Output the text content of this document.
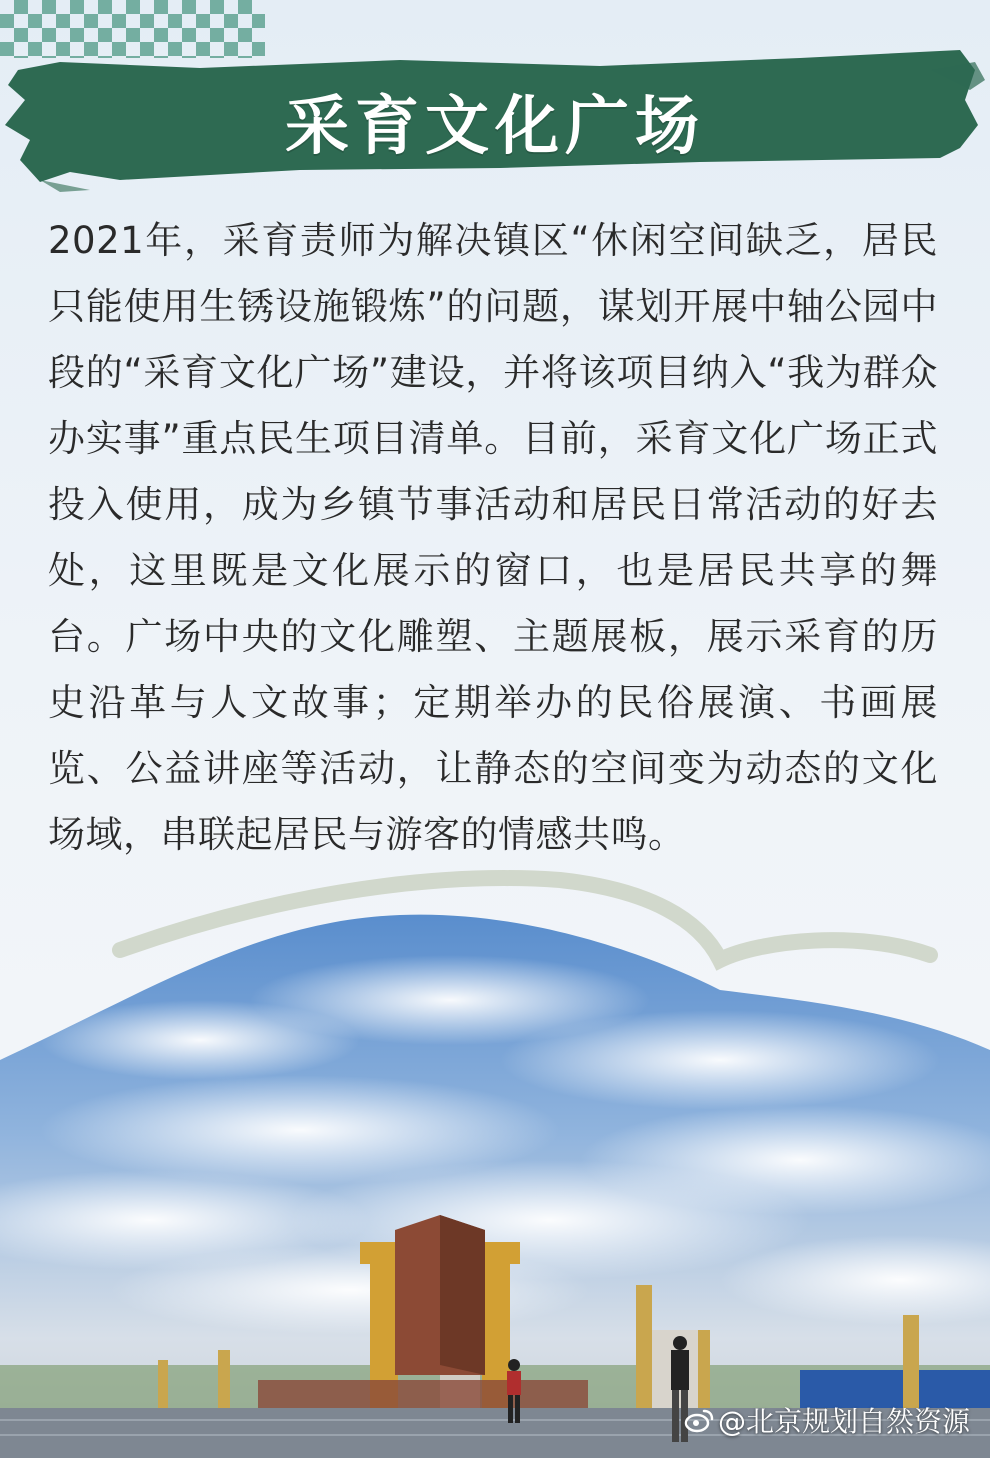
采育文化广场
2021年，采育责师为解决镇区“休闲空间缺乏，居民只能使用生锈设施锻炼”的问题，谋划开展中轴公园中段的“采育文化广场”建设，并将该项目纳入“我为群众办实事”重点民生项目清单。目前，采育文化广场正式投入使用，成为乡镇节事活动和居民日常活动的好去处，这里既是文化展示的窗口，也是居民共享的舞台。广场中央的文化雕塑、主题展板，展示采育的历史沿革与人文故事；定期举办的民俗展演、书画展览、公益讲座等活动，让静态的空间变为动态的文化场域，串联起居民与游客的情感共鸣。
@北京规划自然资源
